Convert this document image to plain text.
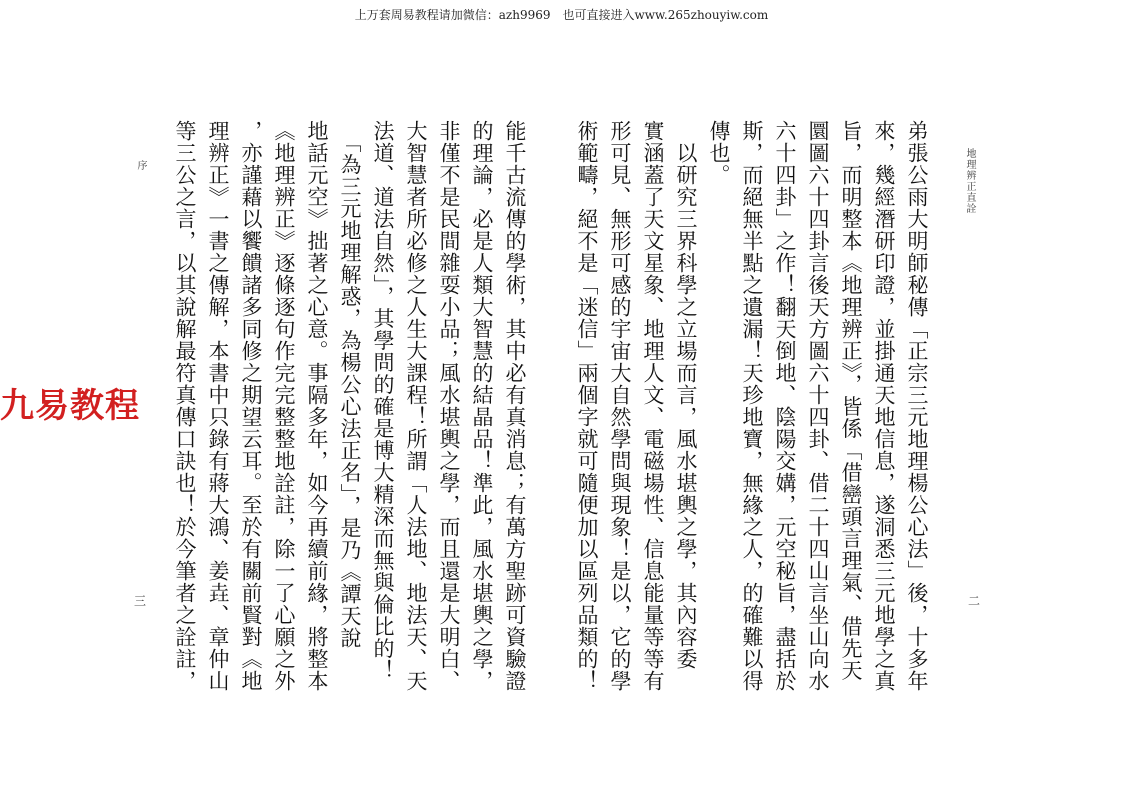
上万套周易教程请加微信：azh9969　也可直接进入www.265zhouyiw.com
地理辨正直詮
二
弟張公雨大明師秘傳「正宗三元地理楊公心法」後，十多年
來，幾經潛研印證，並掛通天地信息，遂洞悉三元地學之真
旨，而明整本《地理辨正》，皆係「借巒頭言理氣、借先天
圜圖六十四卦言後天方圖六十四卦、借二十四山言坐山向水
六十四卦」之作！翻天倒地、陰陽交媾，元空秘旨，盡括於
斯，而絕無半點之遺漏！天珍地寶，無緣之人，的確難以得
傳也。
　以研究三界科學之立場而言，風水堪輿之學，其內容委
實涵蓋了天文星象、地理人文、電磁場性、信息能量等等有
形可見、無形可感的宇宙大自然學問與現象！是以，它的學
術範疇，絕不是「迷信」兩個字就可隨便加以區列品類的！
序
三	能千古流傳的學術，其中必有真消息；有萬方聖跡可資驗證
的理論，必是人類大智慧的結晶品！準此，風水堪輿之學，
非僅不是民間雜耍小品；風水堪輿之學，而且還是大明白、
大智慧者所必修之人生大課程！所謂「人法地、地法天、天
法道、道法自然」，其學問的確是博大精深而無與倫比的！
　「為三元地理解惑，為楊公心法正名」，是乃《譚天說
地話元空》拙著之心意。事隔多年，如今再續前緣，將整本
《地理辨正》逐條逐句作完完整整地詮註，除一了心願之外
，亦謹藉以饗饋諸多同修之期望云耳。至於有關前賢對《地
理辨正》一書之傳解，本書中只錄有蔣大鴻、姜垚、章仲山
等三公之言，以其說解最符真傳口訣也！於今筆者之詮註，
九易教程
